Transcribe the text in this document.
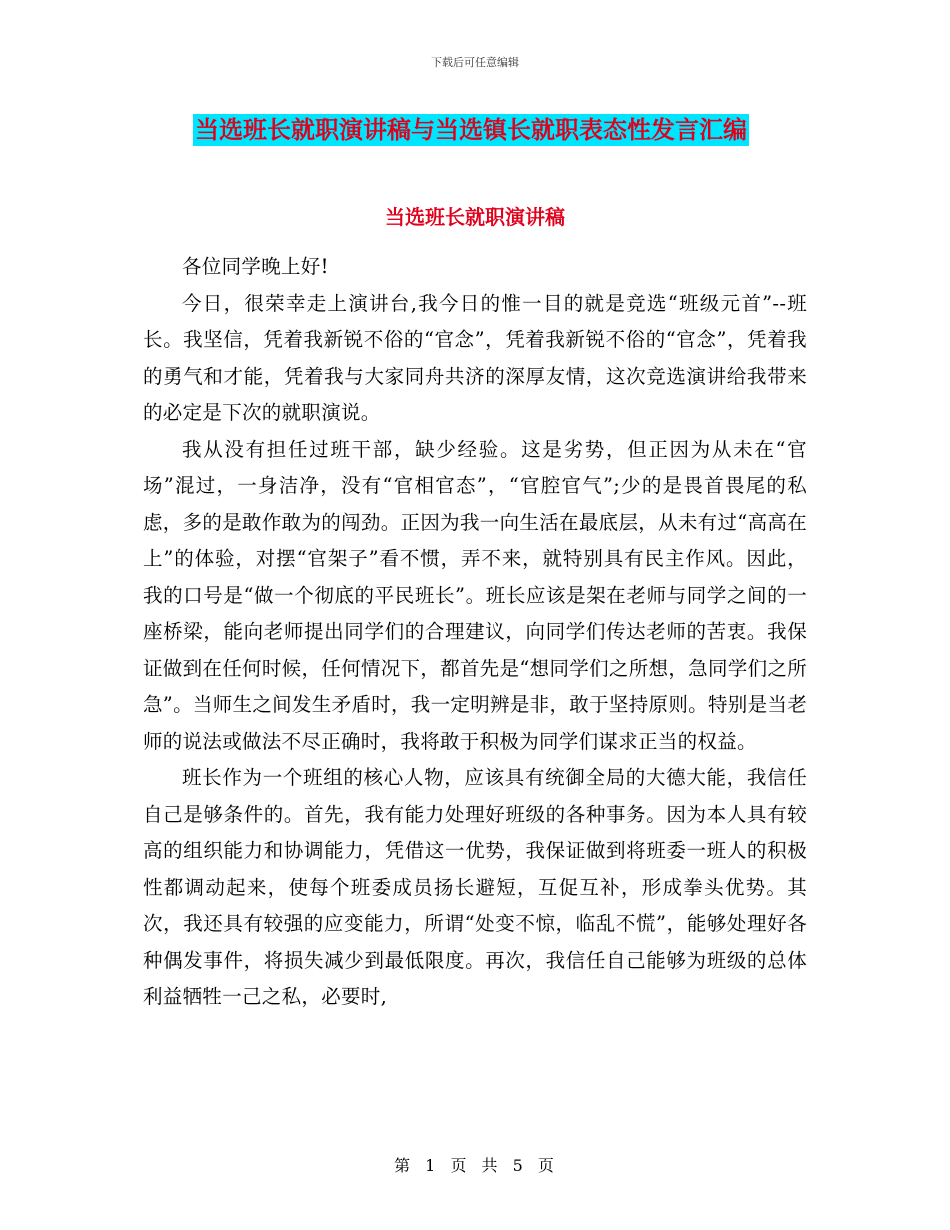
下载后可任意编辑
当选班长就职演讲稿与当选镇长就职表态性发言汇编
当选班长就职演讲稿

各位同学晚上好!

今日，很荣幸走上演讲台,我今日的惟一目的就是竞选“班级元首”--班长。我坚信，凭着我新锐不俗的“官念”，凭着我新锐不俗的“官念”，凭着我的勇气和才能，凭着我与大家同舟共济的深厚友情，这次竞选演讲给我带来的必定是下次的就职演说。

我从没有担任过班干部，缺少经验。这是劣势，但正因为从未在“官场”混过，一身洁净，没有“官相官态”，“官腔官气”;少的是畏首畏尾的私虑，多的是敢作敢为的闯劲。正因为我一向生活在最底层，从未有过“高高在上”的体验，对摆“官架子”看不惯，弄不来，就特别具有民主作风。因此，我的口号是“做一个彻底的平民班长”。班长应该是架在老师与同学之间的一座桥梁，能向老师提出同学们的合理建议，向同学们传达老师的苦衷。我保证做到在任何时候，任何情况下，都首先是“想同学们之所想，急同学们之所急”。当师生之间发生矛盾时，我一定明辨是非，敢于坚持原则。特别是当老师的说法或做法不尽正确时，我将敢于积极为同学们谋求正当的权益。

班长作为一个班组的核心人物，应该具有统御全局的大德大能，我信任自己是够条件的。首先，我有能力处理好班级的各种事务。因为本人具有较高的组织能力和协调能力，凭借这一优势，我保证做到将班委一班人的积极性都调动起来，使每个班委成员扬长避短，互促互补，形成拳头优势。其次，我还具有较强的应变能力，所谓“处变不惊，临乱不慌”，能够处理好各种偶发事件，将损失减少到最低限度。再次，我信任自己能够为班级的总体利益牺牲一己之私，必要时,

第 1 页 共 5 页
